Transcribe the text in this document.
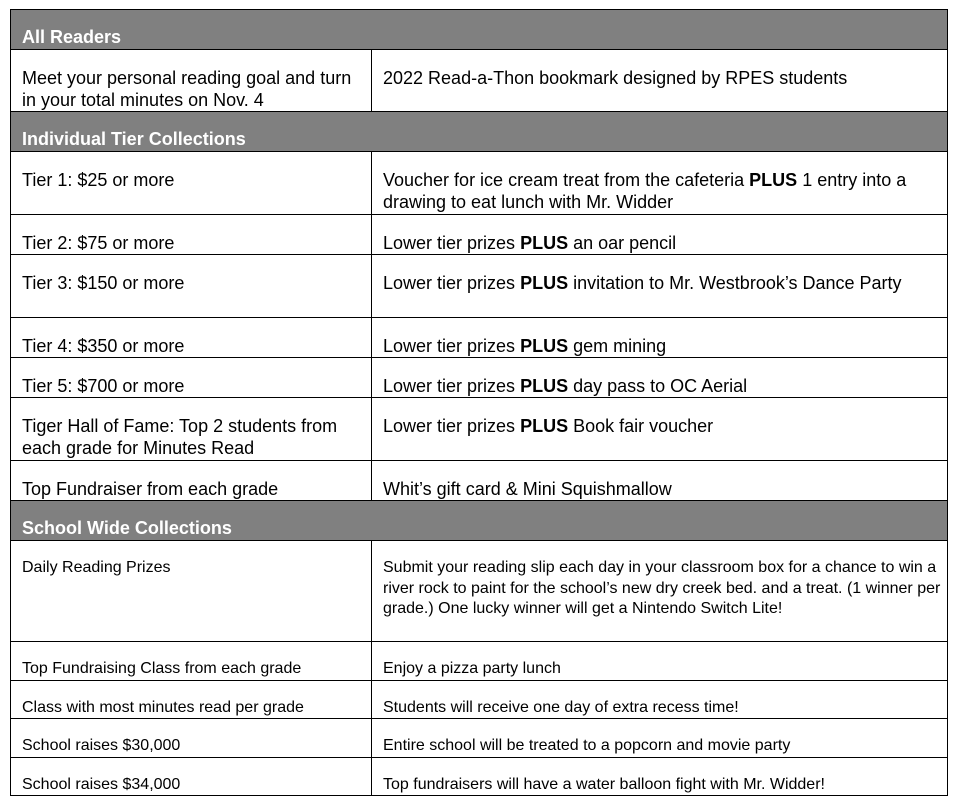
All Readers	
Meet your personal reading goal and turn in your total minutes on Nov. 4	2022 Read-a-Thon bookmark designed by RPES students
Individual Tier Collections	
Tier 1: $25 or more	Voucher for ice cream treat from the cafeteria PLUS 1 entry into a drawing to eat lunch with Mr. Widder
Tier 2: $75 or more	Lower tier prizes PLUS an oar pencil
Tier 3: $150 or more	Lower tier prizes PLUS invitation to Mr. Westbrook’s Dance Party
Tier 4: $350 or more	Lower tier prizes PLUS gem mining
Tier 5: $700 or more	Lower tier prizes PLUS day pass to OC Aerial
Tiger Hall of Fame: Top 2 students from each grade for Minutes Read	Lower tier prizes PLUS Book fair voucher
Top Fundraiser from each grade	Whit’s gift card & Mini Squishmallow
School Wide Collections	
Daily Reading Prizes	Submit your reading slip each day in your classroom box for a chance to win a river rock to paint for the school’s new dry creek bed. and a treat. (1 winner per grade.) One lucky winner will get a Nintendo Switch Lite!
Top Fundraising Class from each grade	Enjoy a pizza party lunch
Class with most minutes read per grade	Students will receive one day of extra recess time!
School raises $30,000	Entire school will be treated to a popcorn and movie party
School raises $34,000	Top fundraisers will have a water balloon fight with Mr. Widder!
